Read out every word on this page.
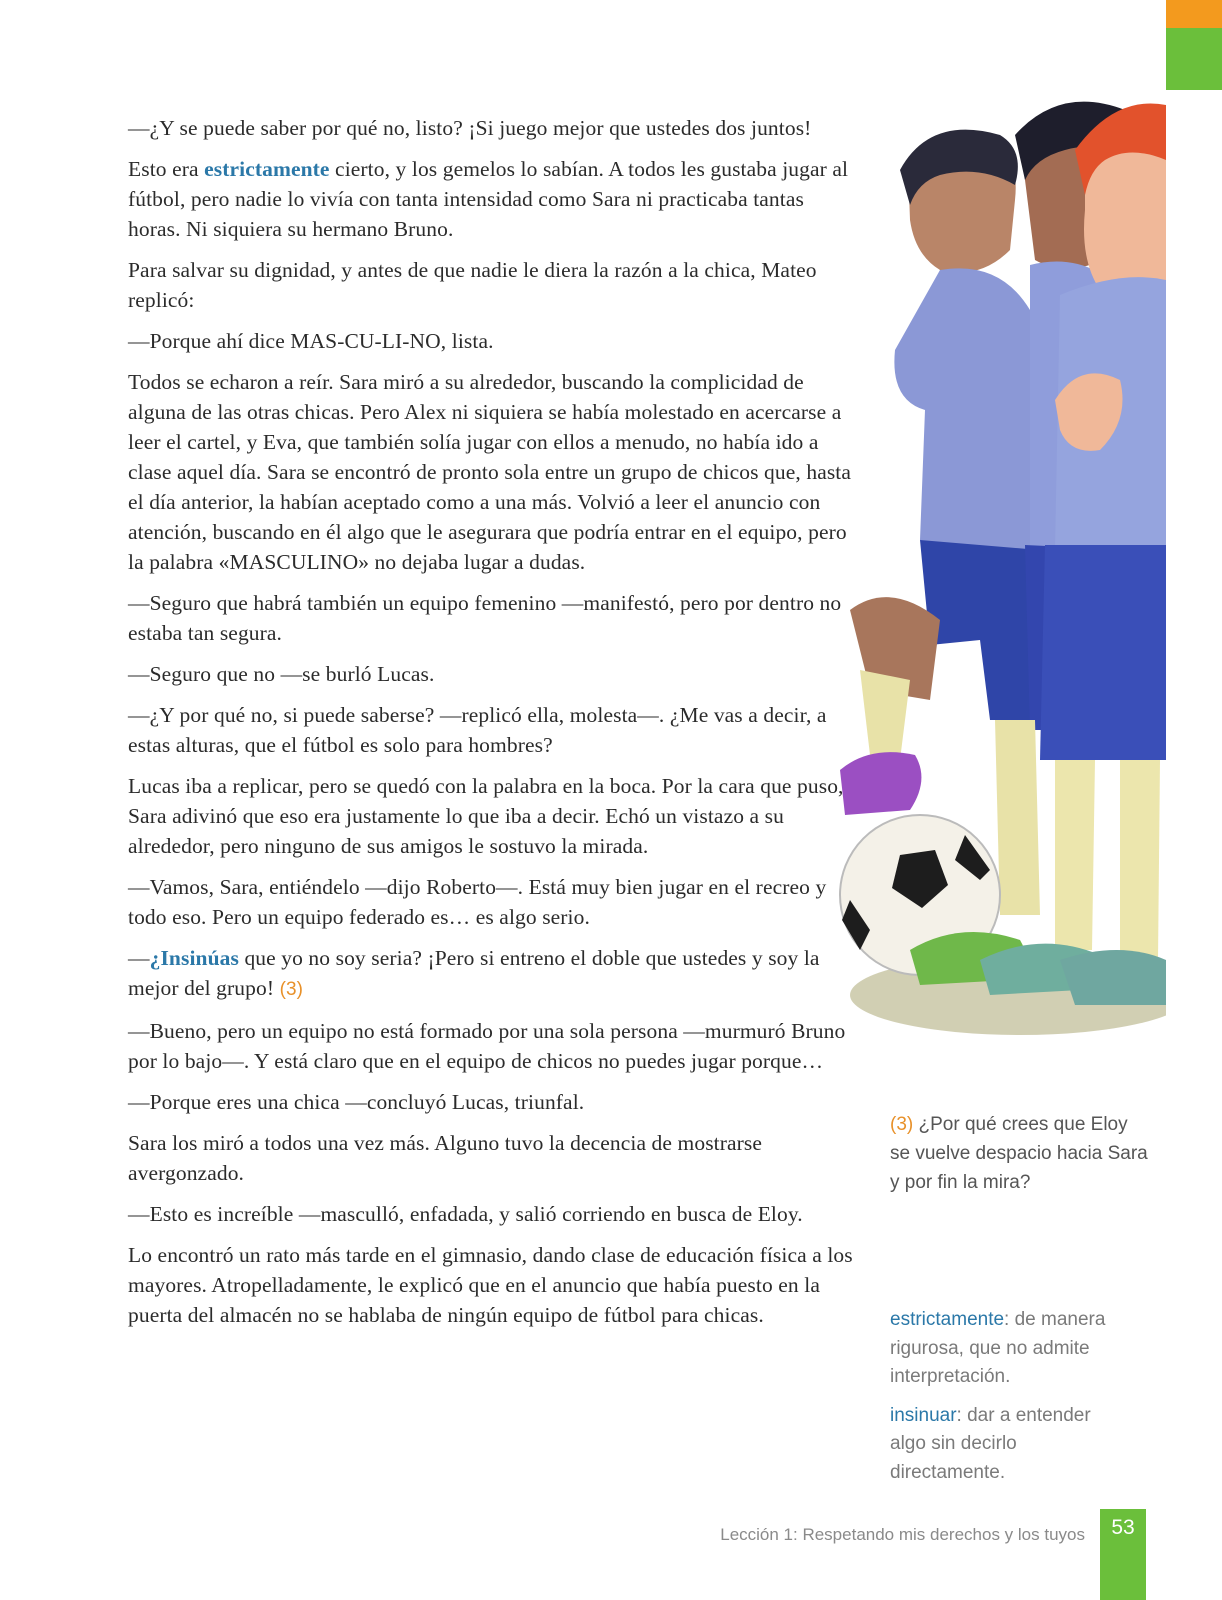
—¿Y se puede saber por qué no, listo? ¡Si juego mejor que ustedes dos juntos!

Esto era estrictamente cierto, y los gemelos lo sabían. A todos les gustaba jugar al fútbol, pero nadie lo vivía con tanta intensidad como Sara ni practicaba tantas horas. Ni siquiera su hermano Bruno.

Para salvar su dignidad, y antes de que nadie le diera la razón a la chica, Mateo replicó:

—Porque ahí dice MAS-CU-LI-NO, lista.

Todos se echaron a reír. Sara miró a su alrededor, buscando la complicidad de alguna de las otras chicas. Pero Alex ni siquiera se había molestado en acercarse a leer el cartel, y Eva, que también solía jugar con ellos a menudo, no había ido a clase aquel día. Sara se encontró de pronto sola entre un grupo de chicos que, hasta el día anterior, la habían aceptado como a una más. Volvió a leer el anuncio con atención, buscando en él algo que le asegurara que podría entrar en el equipo, pero la palabra «MASCULINO» no dejaba lugar a dudas.

—Seguro que habrá también un equipo femenino —manifestó, pero por dentro no estaba tan segura.

—Seguro que no —se burló Lucas.

—¿Y por qué no, si puede saberse? —replicó ella, molesta—. ¿Me vas a decir, a estas alturas, que el fútbol es solo para hombres?

Lucas iba a replicar, pero se quedó con la palabra en la boca. Por la cara que puso, Sara adivinó que eso era justamente lo que iba a decir. Echó un vistazo a su alrededor, pero ninguno de sus amigos le sostuvo la mirada.

—Vamos, Sara, entiéndelo —dijo Roberto—. Está muy bien jugar en el recreo y todo eso. Pero un equipo federado es… es algo serio.

—¿Insinúas que yo no soy seria? ¡Pero si entreno el doble que ustedes y soy la mejor del grupo! (3)

—Bueno, pero un equipo no está formado por una sola persona —murmuró Bruno por lo bajo—. Y está claro que en el equipo de chicos no puedes jugar porque…

—Porque eres una chica —concluyó Lucas, triunfal.

Sara los miró a todos una vez más. Alguno tuvo la decencia de mostrarse avergonzado.

—Esto es increíble —masculló, enfadada, y salió corriendo en busca de Eloy.

Lo encontró un rato más tarde en el gimnasio, dando clase de educación física a los mayores. Atropelladamente, le explicó que en el anuncio que había puesto en la puerta del almacén no se hablaba de ningún equipo de fútbol para chicas.

(3) ¿Por qué crees que Eloy se vuelve despacio hacia Sara y por fin la mira?

estrictamente: de manera rigurosa, que no admite interpretación.

insinuar: dar a entender algo sin decirlo directamente.

Lección 1: Respetando mis derechos y los tuyos	53
